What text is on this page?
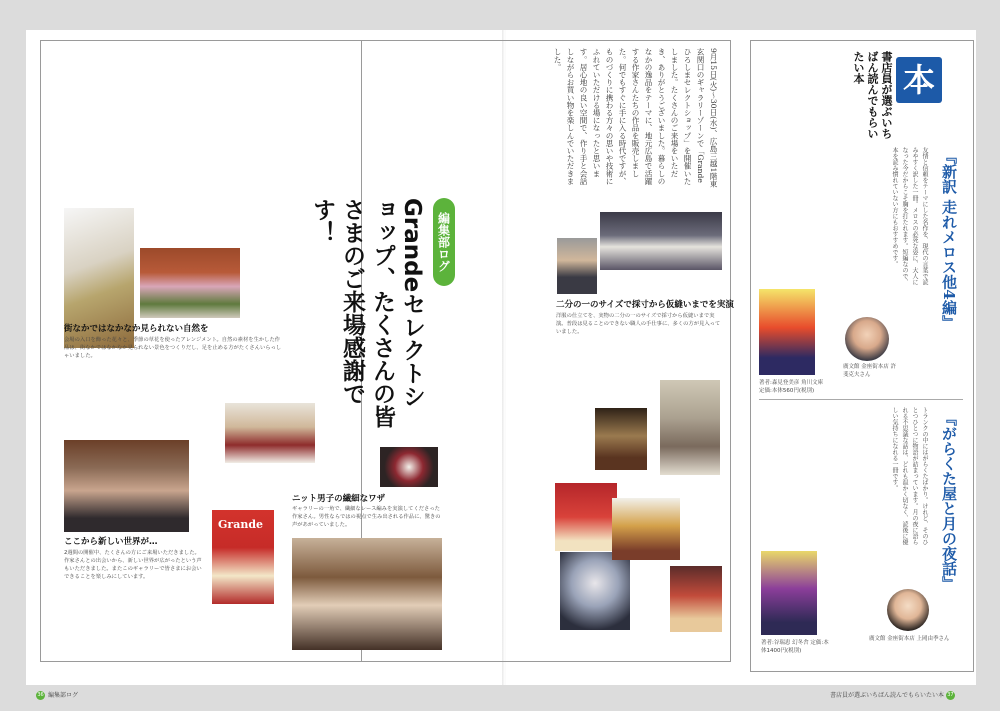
9月15日(火)〜30日(水)、広島三越1階東玄関口のギャラリーゾーンで「Grandeひろしまセレクトショップ」を開催いたしました。たくさんのご来場をいただき、ありがとうございました。暮らしのなかの逸品をテーマに、地元広島で活躍する作家さんたちの作品を販売しました。何でもすぐに手に入る時代ですが、ものづくりに携わる方々の思いや技術にふれていただける場になったと思います。居心地の良い空間で、作り手と会話しながらお買い物を楽しんでいただきました。
編集部ログ
Grandeセレクトショップ、たくさんの皆さまのご来場感謝です！
街なかではなかなか見られない自然を
会場の入口を飾った花々と、季節の草花を使ったアレンジメント。自然の素材を生かした作品は、街なかではなかなか見られない景色をつくりだし、足を止める方がたくさんいらっしゃいました。
ここから新しい世界が…
2週間の開催中、たくさんの方にご来場いただきました。作家さんとの出会いから、新しい世界が広がったという声もいただきました。またこのギャラリーで皆さまにお会いできることを楽しみにしています。
Grande
ニット男子の繊細なワザ
ギャラリーの一角で、繊細なレース編みを実演してくださった作家さん。男性ならではの視点で生み出される作品に、驚きの声があがっていました。
二分の一のサイズで採寸から仮縫いまでを実演
洋服の仕立てを、実物の二分の一のサイズで採寸から仮縫いまで実演。普段は見ることのできない職人の手仕事に、多くの方が見入っていました。
本
書店員が選ぶいちばん読んでもらいたい本
『新訳 走れメロス他4編』
友情と信頼をテーマにした名作を、現代の言葉で読みやすく訳した一冊。メロスの必死な姿に、大人になった今だからこそ胸を打たれます。短編なので、本を読み慣れていない方にもおすすめです。
著者:森見登美彦 角川文庫 定価:本体560円(税別)
廣文館 金座街本店 許斐克夫さん
『がらくた屋と月の夜話』
トランクの中にはがらくたばかり。けれど、そのひとつひとつに物語が詰まっています。月の夜に語られる不思議な話は、どれも温かく切なく、読後に優しい気持ちになれる一冊です。
著者:谷瑞恵 幻冬舎 定価:本体1400円(税別)
廣文館 金座街本店 上岡由季さん
36 編集部ログ	書店員が選ぶいちばん読んでもらいたい本 37
